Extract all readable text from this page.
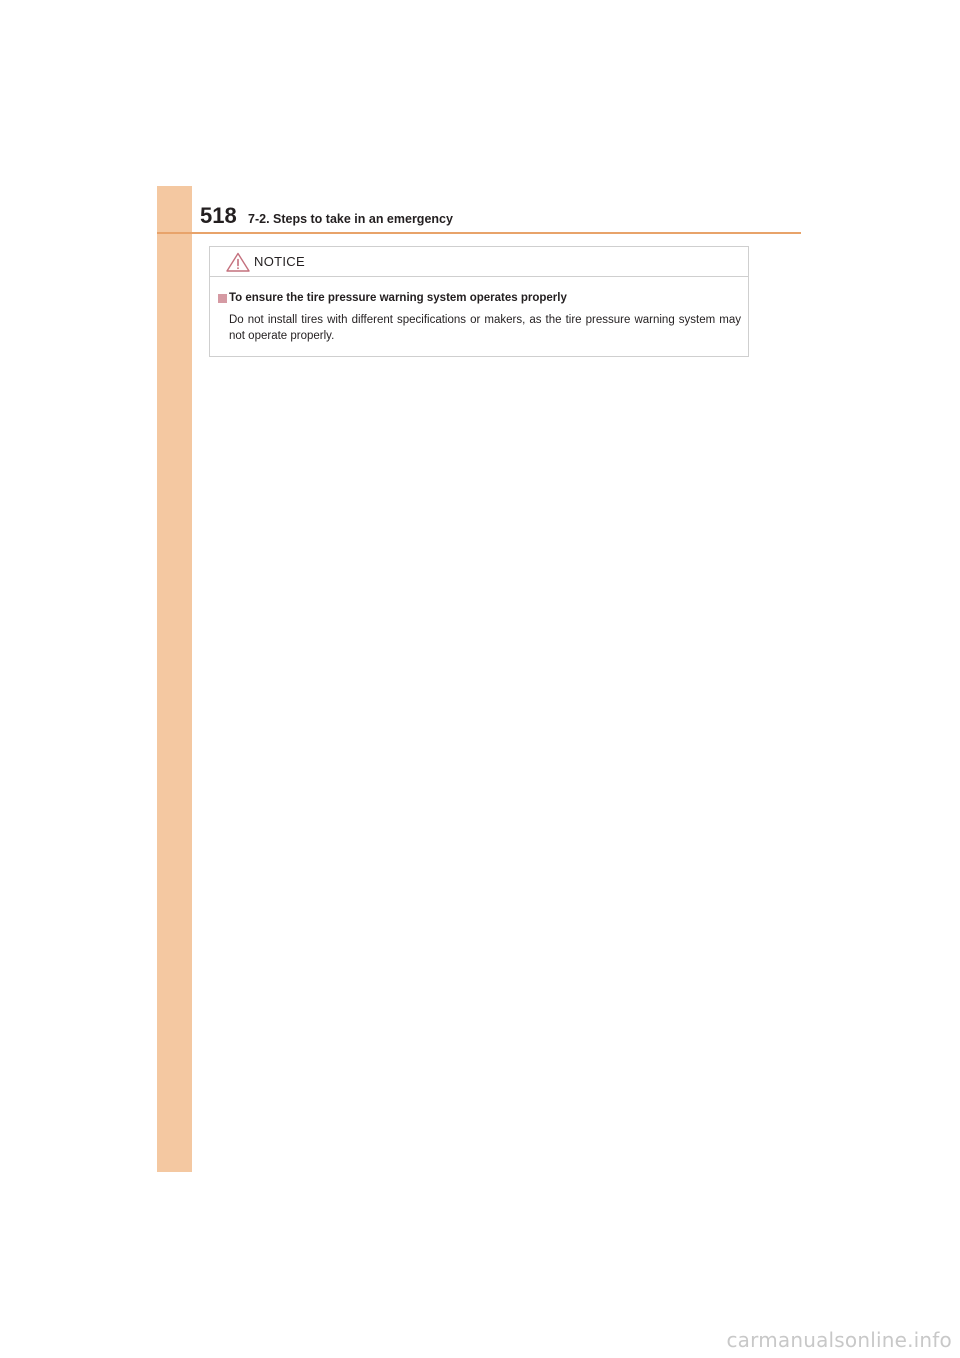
518 7-2. Steps to take in an emergency
NOTICE
To ensure the tire pressure warning system operates properly
Do not install tires with different specifications or makers, as the tire pressure warning system may not operate properly.
carmanualsonline.info
